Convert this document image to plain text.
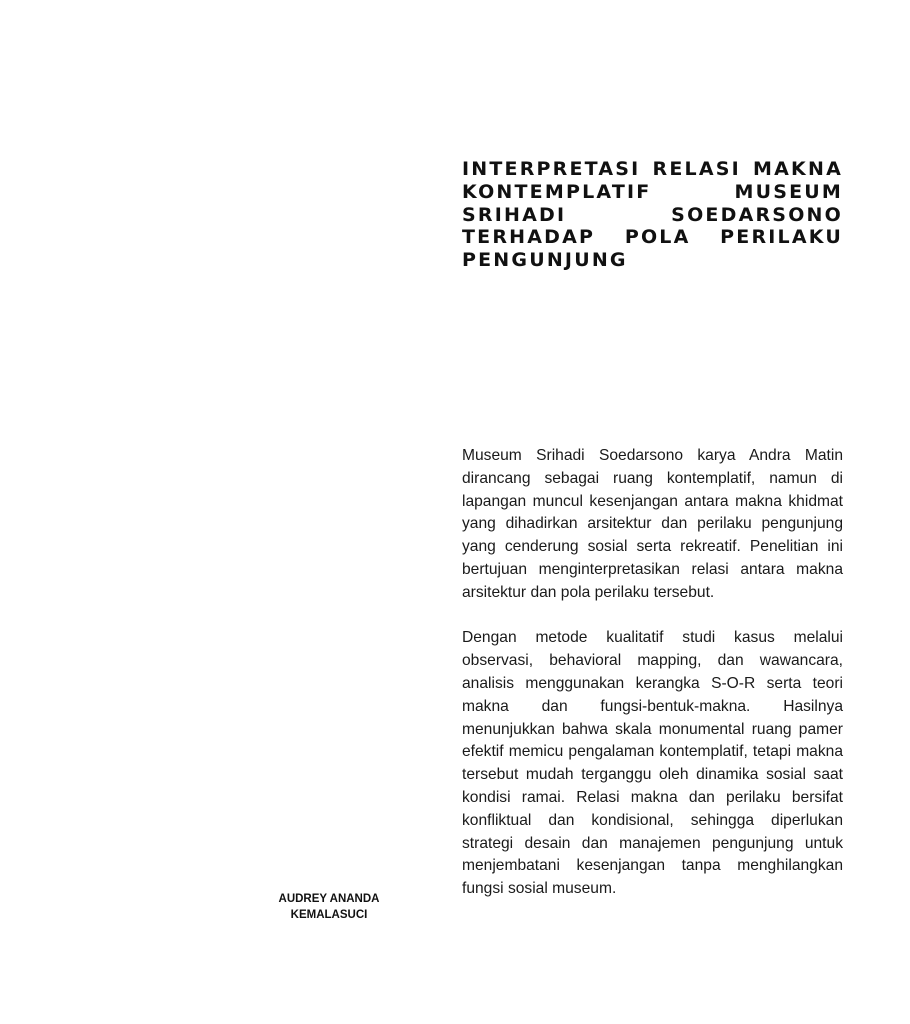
INTERPRETASI RELASI MAKNA KONTEMPLATIF MUSEUM SRIHADI SOEDARSONO TERHADAP POLA PERILAKU PENGUNJUNG

Museum Srihadi Soedarsono karya Andra Matin dirancang sebagai ruang kontemplatif, namun di lapangan muncul kesenjangan antara makna khidmat yang dihadirkan arsitektur dan perilaku pengunjung yang cenderung sosial serta rekreatif. Penelitian ini bertujuan menginterpretasikan relasi antara makna arsitektur dan pola perilaku tersebut.

Dengan metode kualitatif studi kasus melalui observasi, behavioral mapping, dan wawancara, analisis menggunakan kerangka S-O-R serta teori makna dan fungsi-bentuk-makna. Hasilnya menunjukkan bahwa skala monumental ruang pamer efektif memicu pengalaman kontemplatif, tetapi makna tersebut mudah terganggu oleh dinamika sosial saat kondisi ramai. Relasi makna dan perilaku bersifat konfliktual dan kondisional, sehingga diperlukan strategi desain dan manajemen pengunjung untuk menjembatani kesenjangan tanpa menghilangkan fungsi sosial museum.

AUDREY ANANDA
KEMALASUCI
